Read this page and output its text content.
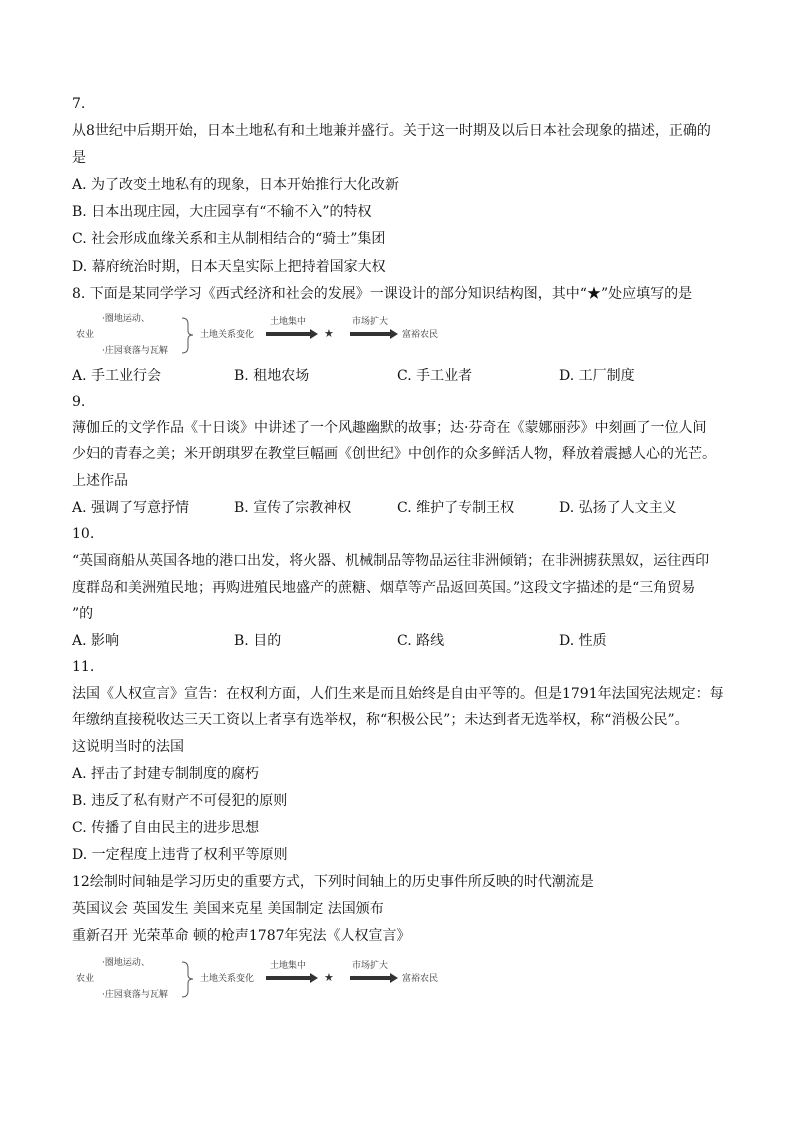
7.
从8世纪中后期开始，日本土地私有和土地兼并盛行。关于这一时期及以后日本社会现象的描述，正确的
是
A. 为了改变土地私有的现象，日本开始推行大化改新
B. 日本出现庄园，大庄园享有“不输不入”的特权
C. 社会形成血缘关系和主从制相结合的“骑士”集团
D. 幕府统治时期，日本天皇实际上把持着国家大权
8. 下面是某同学学习《西式经济和社会的发展》一课设计的部分知识结构图，其中“★”处应填写的是
·圈地运动、
农业
·庄园衰落与瓦解
土地关系变化
土地集中
★
市场扩大
富裕农民
A. 手工业行会	B. 租地农场	C. 手工业者	D. 工厂制度
9.
薄伽丘的文学作品《十日谈》中讲述了一个风趣幽默的故事；达·芬奇在《蒙娜丽莎》中刻画了一位人间
少妇的青春之美；米开朗琪罗在教堂巨幅画《创世纪》中创作的众多鲜活人物，释放着震撼人心的光芒。
上述作品
A. 强调了写意抒情	B. 宣传了宗教神权	C. 维护了专制王权	D. 弘扬了人文主义
10.
“英国商船从英国各地的港口出发，将火器、机械制品等物品运往非洲倾销；在非洲掳获黑奴，运往西印
度群岛和美洲殖民地；再购进殖民地盛产的蔗糖、烟草等产品返回英国。”这段文字描述的是“三角贸易
”的
A. 影响	B. 目的	C. 路线	D. 性质
11.
法国《人权宣言》宣告：在权利方面，人们生来是而且始终是自由平等的。但是1791年法国宪法规定：每
年缴纳直接税收达三天工资以上者享有选举权，称“积极公民”；未达到者无选举权，称“消极公民”。
这说明当时的法国
A. 抨击了封建专制制度的腐朽
B. 违反了私有财产不可侵犯的原则
C. 传播了自由民主的进步思想
D. 一定程度上违背了权利平等原则
12绘制时间轴是学习历史的重要方式，下列时间轴上的历史事件所反映的时代潮流是
英国议会 英国发生 美国来克星 美国制定 法国颁布
重新召开 光荣革命 顿的枪声1787年宪法《人权宣言》
·圈地运动、
农业
·庄园衰落与瓦解
土地关系变化
土地集中
★
市场扩大
富裕农民
